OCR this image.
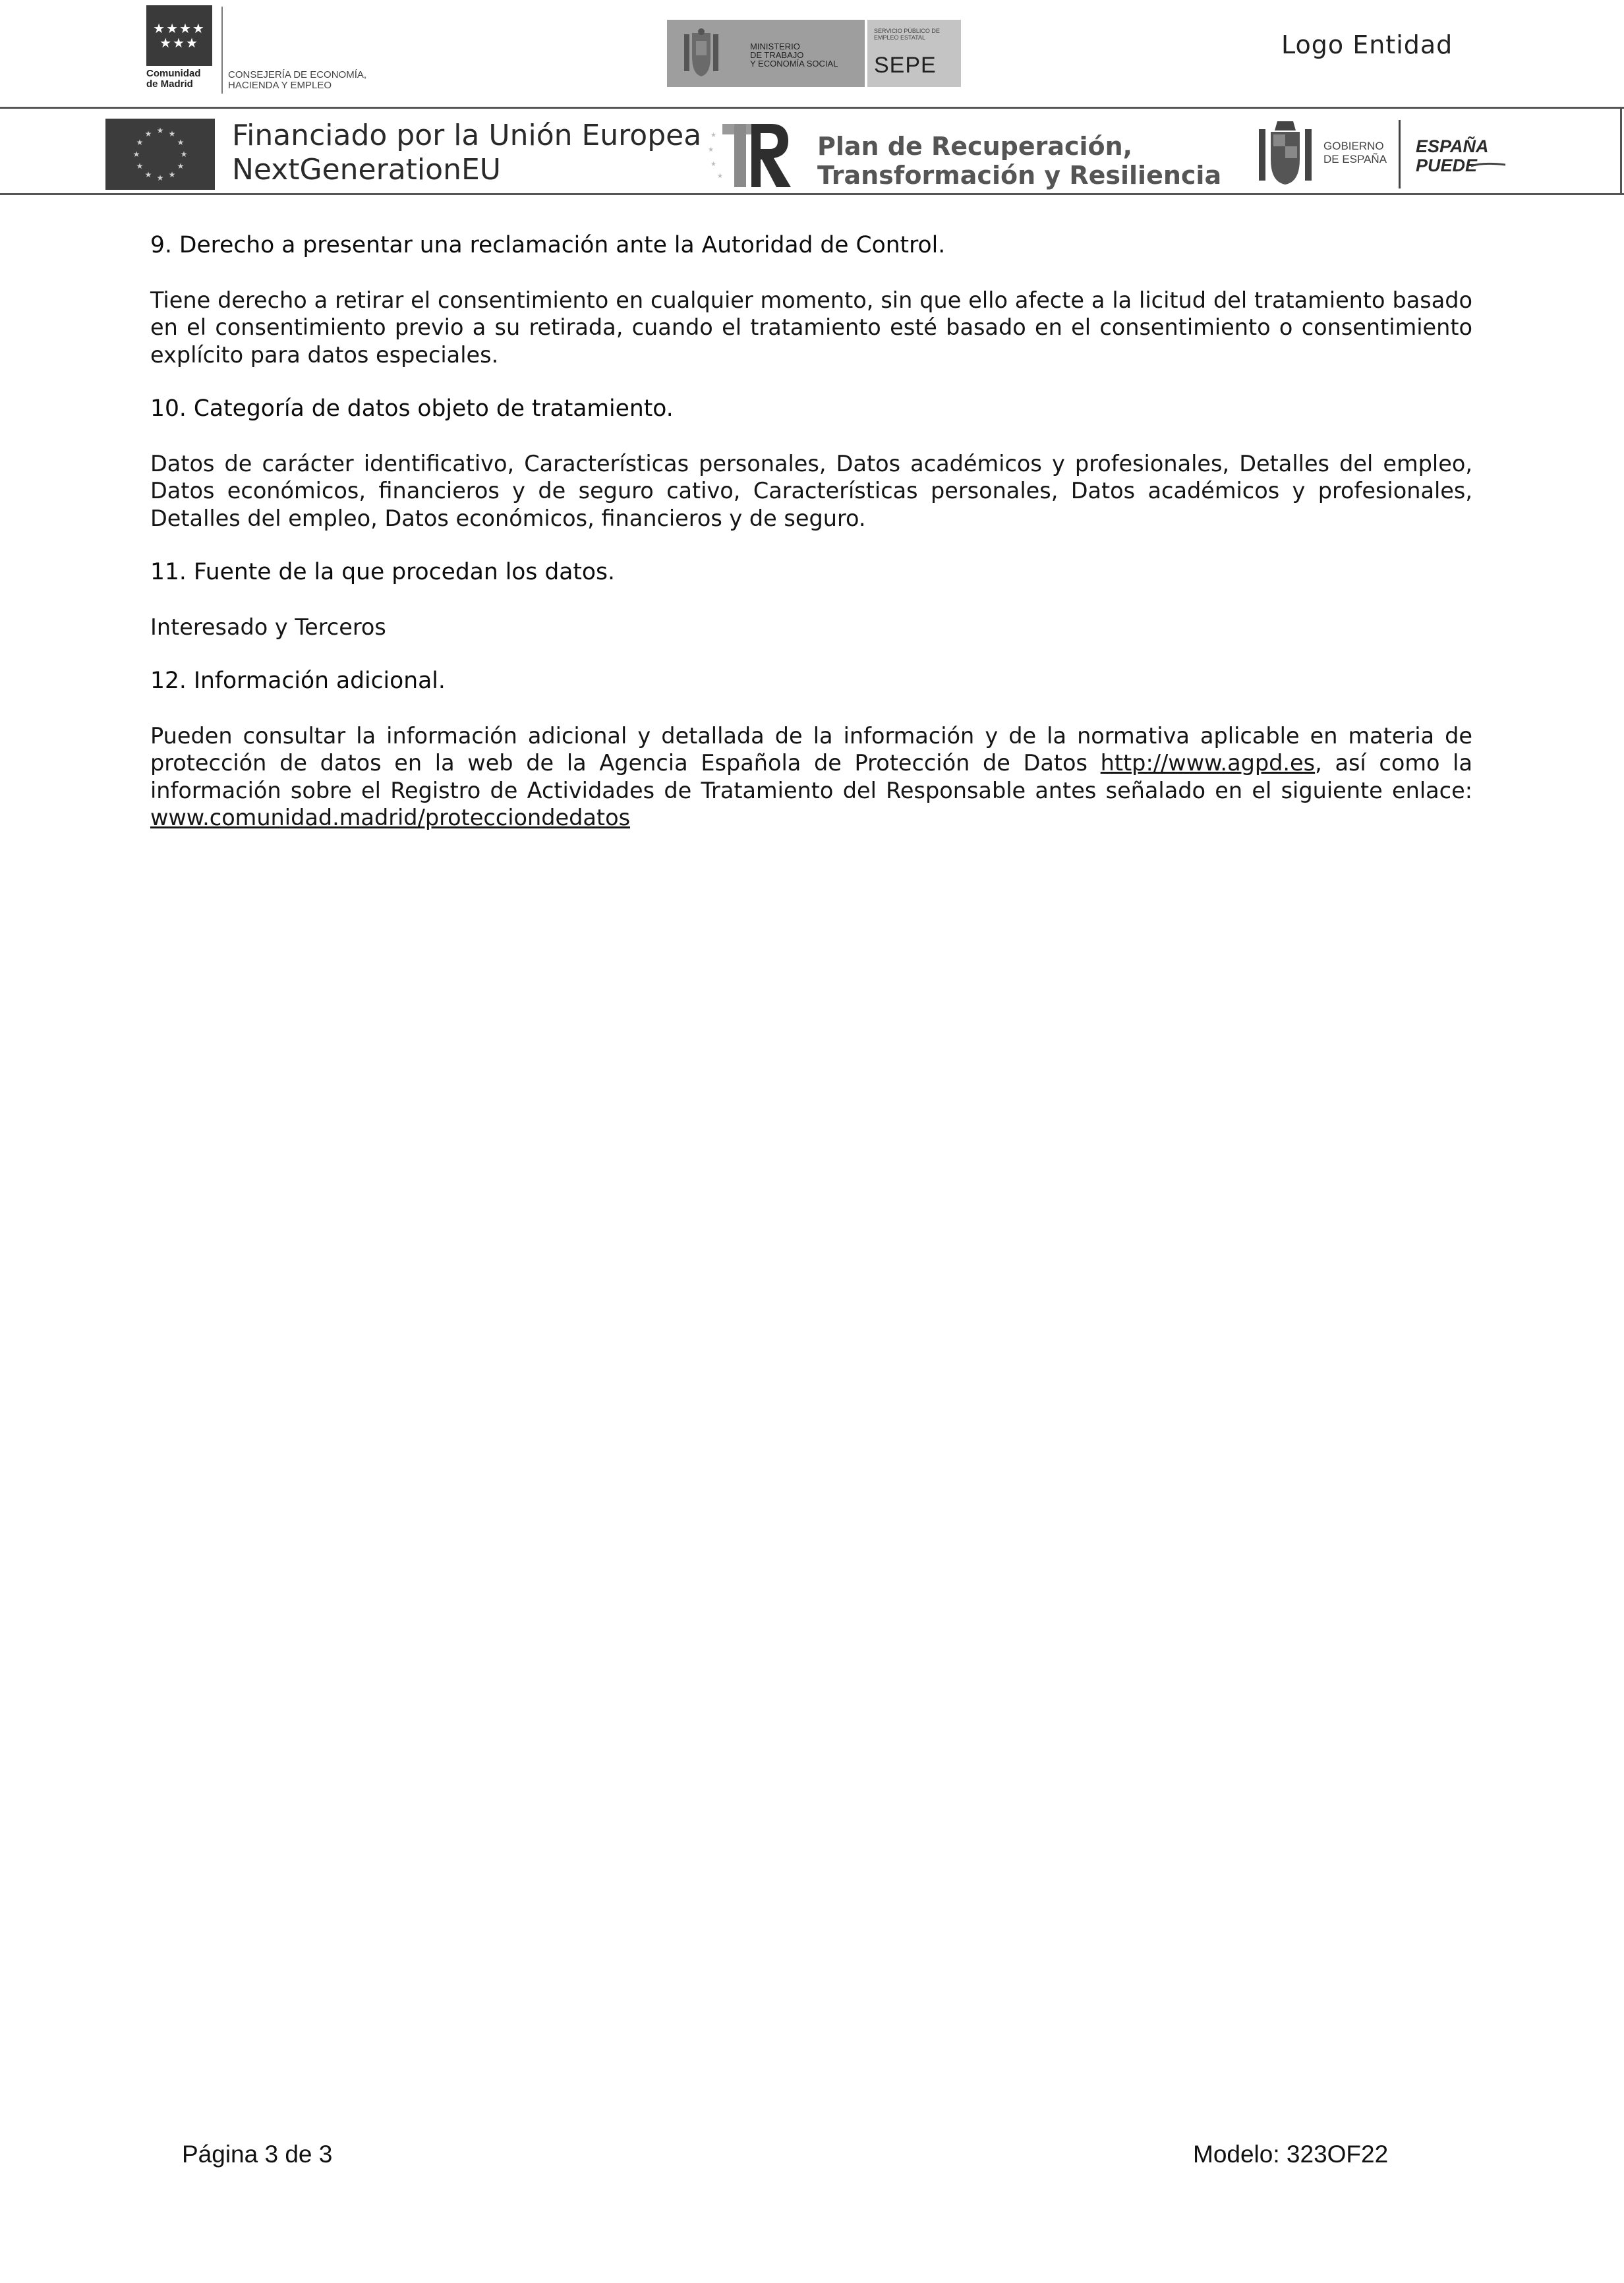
★★★★
★★★
Comunidad
de Madrid
CONSEJERÍA DE ECONOMÍA,
HACIENDA Y EMPLEO
MINISTERIO
DE TRABAJO
Y ECONOMÍA SOCIAL
SERVICIO PÚBLICO DE EMPLEO ESTATAL
SEPE
Logo Entidad
★ ★
★
★
★
★
★
★
★
★
★
★	Financiado por la Unión Europea
NextGenerationEU
★
★
★
★
Plan de Recuperación,
Transformación y Resiliencia
GOBIERNO
DE ESPAÑA
ESPAÑA
PUEDE

9. Derecho a presentar una reclamación ante la Autoridad de Control.

Tiene derecho a retirar el consentimiento en cualquier momento, sin que ello afecte a la licitud del tratamiento basado en el consentimiento previo a su retirada, cuando el tratamiento esté basado en el consentimiento o consentimiento explícito para datos especiales.

10. Categoría de datos objeto de tratamiento.

Datos de carácter identificativo, Características personales, Datos académicos y profesionales, Detalles del empleo, Datos económicos, financieros y de seguro cativo, Características personales, Datos académicos y profesionales, Detalles del empleo, Datos económicos, financieros y de seguro.

11. Fuente de la que procedan los datos.

Interesado y Terceros

12. Información adicional.

Pueden consultar la información adicional y detallada de la información y de la normativa aplicable en materia de protección de datos en la web de la Agencia Española de Protección de Datos http://www.agpd.es, así como la información sobre el Registro de Actividades de Tratamiento del Responsable antes señalado en el siguiente enlace: www.comunidad.madrid/protecciondedatos

Página 3 de 3	Modelo: 323OF22
